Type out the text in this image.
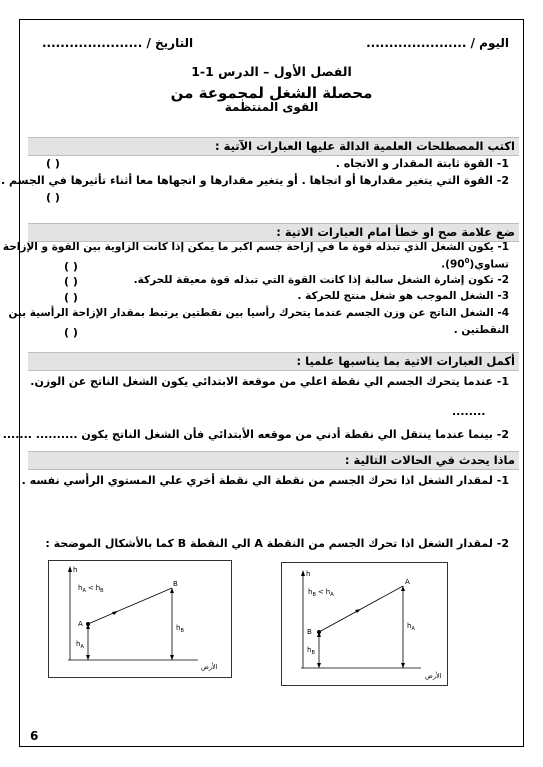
اليوم / ......................
التاريخ / ......................
الفصل الأول – الدرس 1-1
محصلة الشغل لمجموعة من
القوى المنتظمة
اكتب المصطلحات العلمية الدالة عليها العبارات الآتية :
1- القوة ثابتة المقدار و الاتجاه .
( )
2- القوة التي يتغير مقدارها أو اتجاها . أو يتغير مقدارها و اتجهاها معا أثناء تأثيرها في الجسم .
( )
ضع علامة صح او خطأ امام العبارات الاتية :
1- يكون الشغل الذي تبذله قوة ما في إزاحة جسم اكبر ما يمكن إذا كانت الزاوية بين القوة و الإزاحة
$تساوي(90^0)$.
( )
2- تكون إشارة الشغل سالبة إذا كانت القوة التي تبذله قوة معيقة للحركة.
( )
3- الشغل الموجب هو شغل منتج للحركة .
( )
4- الشغل الناتج عن وزن الجسم عندما يتحرك رأسيا بين نقطتين يرتبط بمقدار الإزاحة الرأسية بين
النقطتين .
( )
أكمل العبارات الاتية بما يناسبها علميا :
1- عندما يتحرك الجسم الي نقطة اعلي من موقعة الابتدائي يكون الشغل الناتج عن الوزن.
........
2- بينما عندما ينتقل الي نقطة أدني من موقعه الأبتدائي فأن الشغل الناتج يكون .......... .......
ماذا يحدث في الحالات التالية :
1- لمقدار الشغل اذا تحرك الجسم من نقطة الي نقطة أخري علي المستوي الرأسي نفسه .
2- لمقدار الشغل اذا تحرك الجسم من النقطة A الي النقطة B كما بالأشكال الموضحة :
h
$h_A < h_B$
A
B
$h_A$
$h_B$
الأرض
h
$h_B < h_A$
B
A
$h_B$
$h_A$
الأرض
6
